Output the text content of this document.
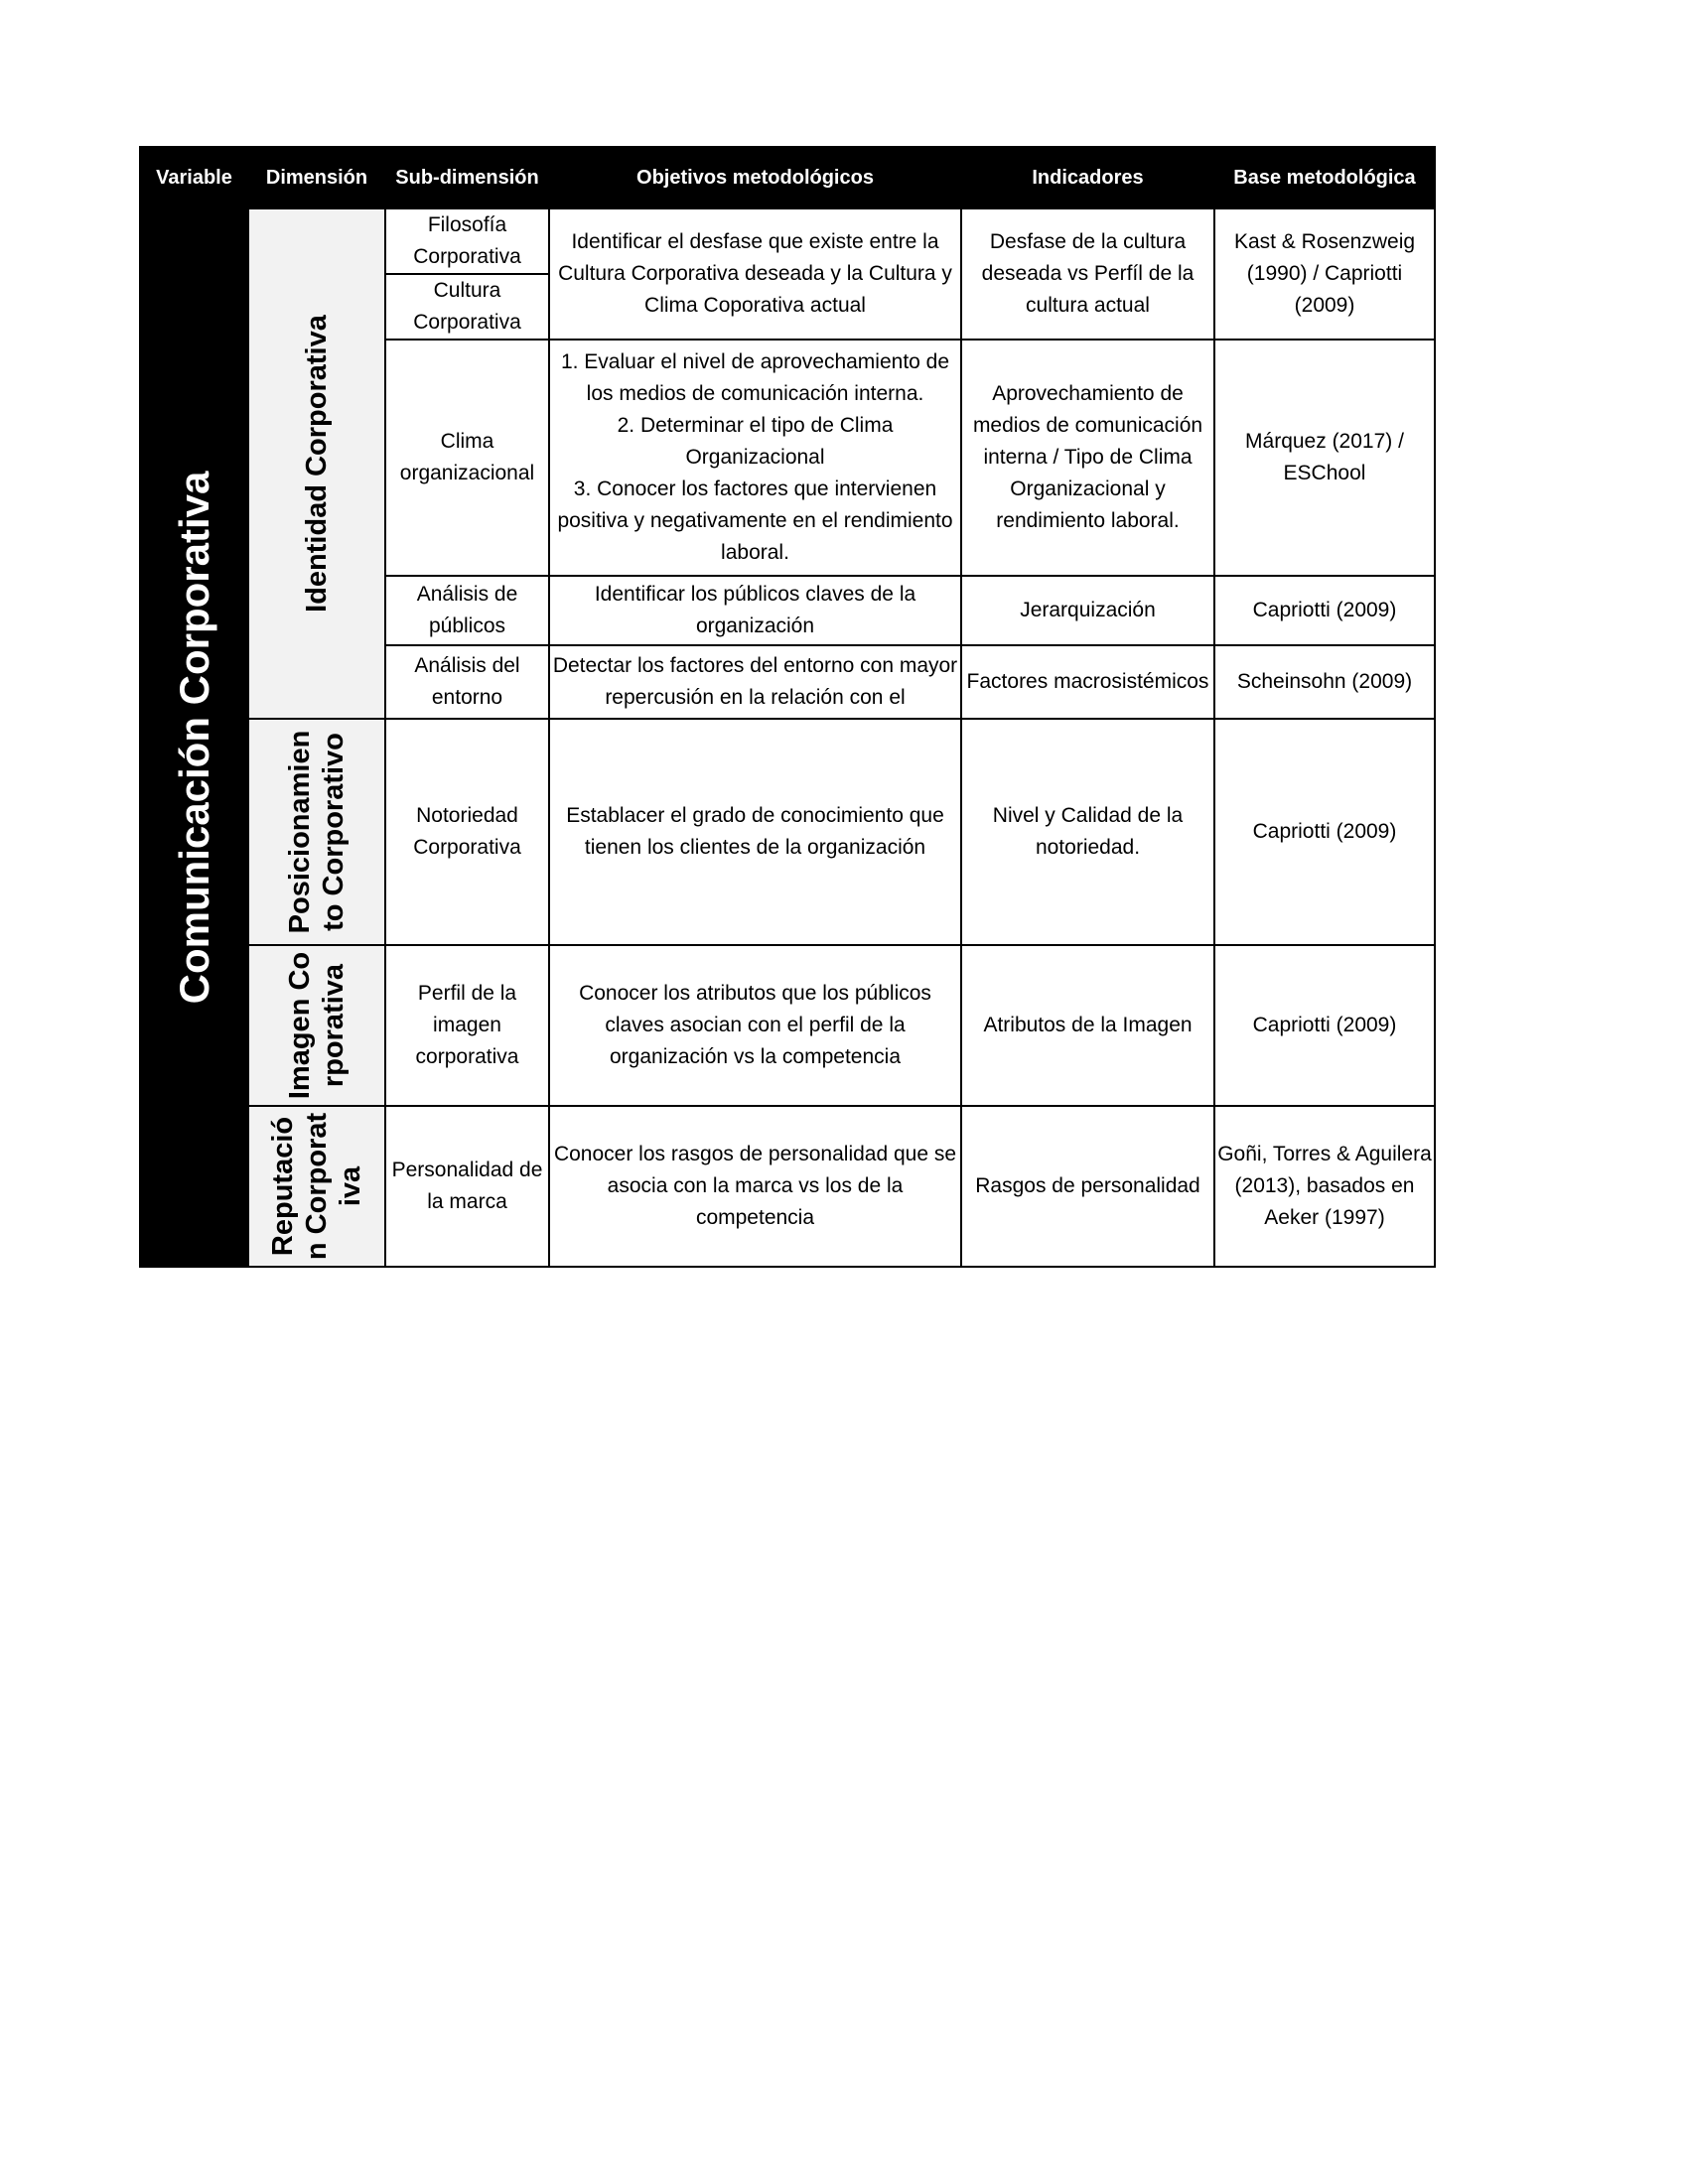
Variable	Dimensión	Sub-dimensión	Objetivos metodológicos	Indicadores	Base metodológica

Comunicación Corporativa	Identidad Corporativa	Filosofía Corporativa	Identificar el desfase que existe entre la Cultura Corporativa deseada y la Cultura y Clima Coporativa actual	Desfase de la cultura deseada vs Perfíl de la cultura actual	Kast & Rosenzweig (1990) / Capriotti (2009)
		Cultura Corporativa			
		Clima organizacional	1. Evaluar el nivel de aprovechamiento de los medios de comunicación interna.
2. Determinar el tipo de Clima Organizacional
3. Conocer los factores que intervienen positiva y negativamente en el rendimiento laboral.	Aprovechamiento de medios de comunicación interna / Tipo de Clima Organizacional y rendimiento laboral.	Márquez (2017) / ESChool
		Análisis de públicos	Identificar los públicos claves de la organización	Jerarquización	Capriotti (2009)
		Análisis del entorno	Detectar los factores del entorno con mayor repercusión en la relación con el	Factores macrosistémicos	Scheinsohn (2009)

	Posicionamiento Corporativo	Notoriedad Corporativa	Establacer el grado de conocimiento que tienen los clientes de la organización	Nivel y Calidad de la notoriedad.	Capriotti (2009)

	Imagen Corporativa	Perfil de la imagen corporativa	Conocer los atributos que los públicos claves asocian con el perfil de la organización vs la competencia	Atributos de la Imagen	Capriotti (2009)

	Reputación Corporativa	Personalidad de la marca	Conocer los rasgos de personalidad que se asocia con la marca vs los de la competencia	Rasgos de personalidad	Goñi, Torres & Aguilera (2013), basados en Aeker (1997)
